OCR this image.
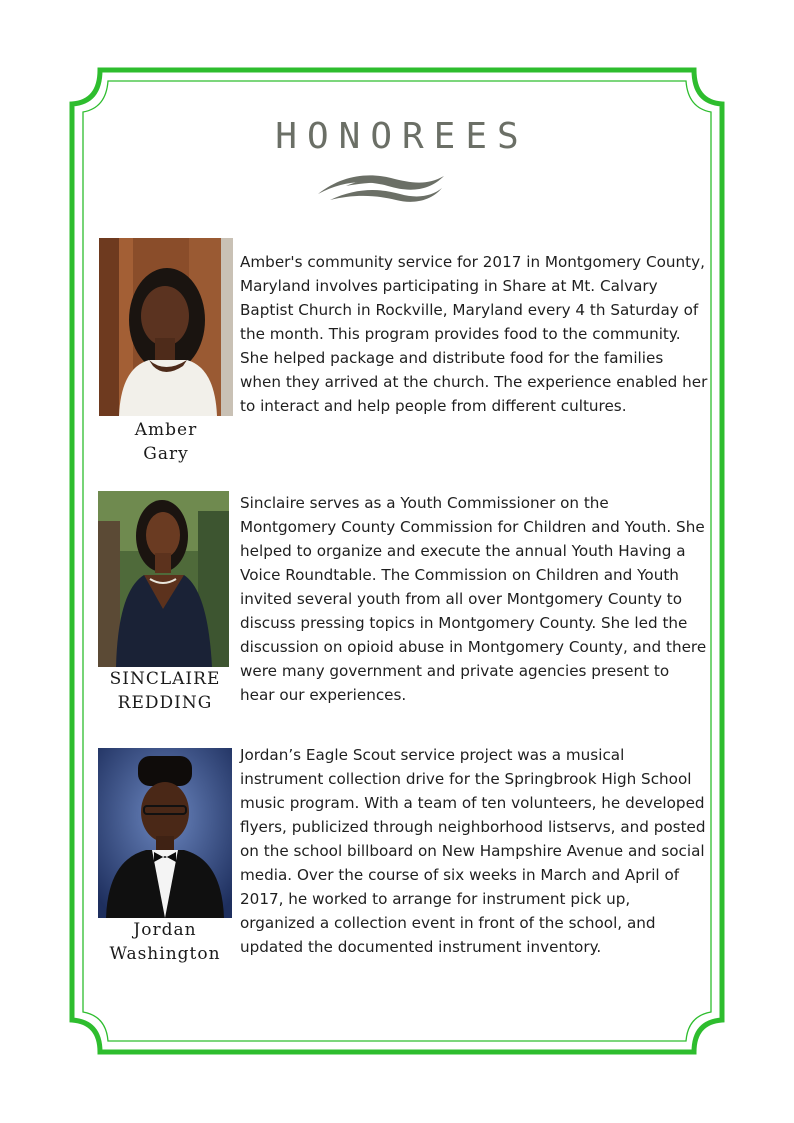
HONOREES
Amber
Gary

Amber's community service for 2017 in Montgomery County, Maryland involves participating in Share at Mt. Calvary Baptist Church in Rockville, Maryland every 4 th Saturday of the month. This program provides food to the community. She helped package and distribute food for the families when they arrived at the church. The experience enabled her to interact and help people from different cultures.

SINCLAIRE
REDDING

Sinclaire serves as a Youth Commissioner on the Montgomery County Commission for Children and Youth. She helped to organize and execute the annual Youth Having a Voice Roundtable. The Commission on Children and Youth invited several youth from all over Montgomery County to discuss pressing topics in Montgomery County. She led the discussion on opioid abuse in Montgomery County, and there were many government and private agencies present to hear our experiences.

Jordan
Washington

Jordan’s Eagle Scout service project was a musical instrument collection drive for the Springbrook High School music program. With a team of ten volunteers, he developed flyers, publicized through neighborhood listservs, and posted on the school billboard on New Hampshire Avenue and social media. Over the course of six weeks in March and April of 2017, he worked to arrange for instrument pick up, organized a collection event in front of the school, and updated the documented instrument inventory.
